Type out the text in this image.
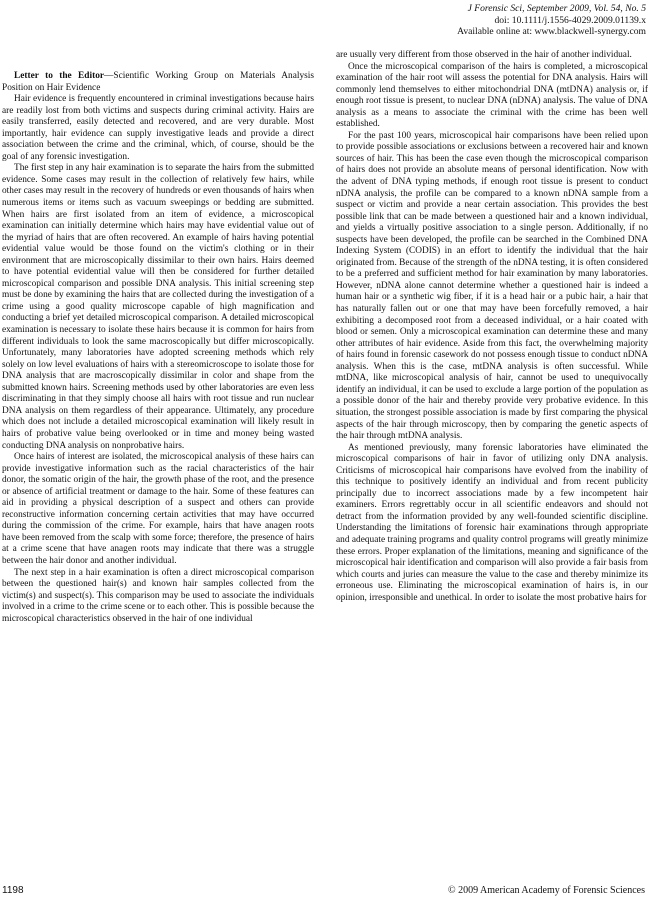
J Forensic Sci, September 2009, Vol. 54, No. 5
doi: 10.1111/j.1556-4029.2009.01139.x
Available online at: www.blackwell-synergy.com

Letter to the Editor—Scientific Working Group on Materials Analysis Position on Hair Evidence

Hair evidence is frequently encountered in criminal investigations because hairs are readily lost from both victims and suspects during criminal activity. Hairs are easily transferred, easily detected and recovered, and are very durable. Most importantly, hair evidence can supply investigative leads and provide a direct association between the crime and the criminal, which, of course, should be the goal of any forensic investigation.

The first step in any hair examination is to separate the hairs from the submitted evidence. Some cases may result in the collection of relatively few hairs, while other cases may result in the recovery of hundreds or even thousands of hairs when numerous items or items such as vacuum sweepings or bedding are submitted. When hairs are first isolated from an item of evidence, a microscopical examination can initially determine which hairs may have evidential value out of the myriad of hairs that are often recovered. An example of hairs having potential evidential value would be those found on the victim's clothing or in their environment that are microscopically dissimilar to their own hairs. Hairs deemed to have potential evidential value will then be considered for further detailed microscopical comparison and possible DNA analysis. This initial screening step must be done by examining the hairs that are collected during the investigation of a crime using a good quality microscope capable of high magnification and conducting a brief yet detailed microscopical comparison. A detailed microscopical examination is necessary to isolate these hairs because it is common for hairs from different individuals to look the same macroscopically but differ microscopically. Unfortunately, many laboratories have adopted screening methods which rely solely on low level evaluations of hairs with a stereomicroscope to isolate those for DNA analysis that are macroscopically dissimilar in color and shape from the submitted known hairs. Screening methods used by other laboratories are even less discriminating in that they simply choose all hairs with root tissue and run nuclear DNA analysis on them regardless of their appearance. Ultimately, any procedure which does not include a detailed microscopical examination will likely result in hairs of probative value being overlooked or in time and money being wasted conducting DNA analysis on nonprobative hairs.

Once hairs of interest are isolated, the microscopical analysis of these hairs can provide investigative information such as the racial characteristics of the hair donor, the somatic origin of the hair, the growth phase of the root, and the presence or absence of artificial treatment or damage to the hair. Some of these features can aid in providing a physical description of a suspect and others can provide reconstructive information concerning certain activities that may have occurred during the commission of the crime. For example, hairs that have anagen roots have been removed from the scalp with some force; therefore, the presence of hairs at a crime scene that have anagen roots may indicate that there was a struggle between the hair donor and another individual.

The next step in a hair examination is often a direct microscopical comparison between the questioned hair(s) and known hair samples collected from the victim(s) and suspect(s). This comparison may be used to associate the individuals involved in a crime to the crime scene or to each other. This is possible because the microscopical characteristics observed in the hair of one individual

are usually very different from those observed in the hair of another individual.

Once the microscopical comparison of the hairs is completed, a microscopical examination of the hair root will assess the potential for DNA analysis. Hairs will commonly lend themselves to either mitochondrial DNA (mtDNA) analysis or, if enough root tissue is present, to nuclear DNA (nDNA) analysis. The value of DNA analysis as a means to associate the criminal with the crime has been well established.

For the past 100 years, microscopical hair comparisons have been relied upon to provide possible associations or exclusions between a recovered hair and known sources of hair. This has been the case even though the microscopical comparison of hairs does not provide an absolute means of personal identification. Now with the advent of DNA typing methods, if enough root tissue is present to conduct nDNA analysis, the profile can be compared to a known nDNA sample from a suspect or victim and provide a near certain association. This provides the best possible link that can be made between a questioned hair and a known individual, and yields a virtually positive association to a single person. Additionally, if no suspects have been developed, the profile can be searched in the Combined DNA Indexing System (CODIS) in an effort to identify the individual that the hair originated from. Because of the strength of the nDNA testing, it is often considered to be a preferred and sufficient method for hair examination by many laboratories. However, nDNA alone cannot determine whether a questioned hair is indeed a human hair or a synthetic wig fiber, if it is a head hair or a pubic hair, a hair that has naturally fallen out or one that may have been forcefully removed, a hair exhibiting a decomposed root from a deceased individual, or a hair coated with blood or semen. Only a microscopical examination can determine these and many other attributes of hair evidence. Aside from this fact, the overwhelming majority of hairs found in forensic casework do not possess enough tissue to conduct nDNA analysis. When this is the case, mtDNA analysis is often successful. While mtDNA, like microscopical analysis of hair, cannot be used to unequivocally identify an individual, it can be used to exclude a large portion of the population as a possible donor of the hair and thereby provide very probative evidence. In this situation, the strongest possible association is made by first comparing the physical aspects of the hair through microscopy, then by comparing the genetic aspects of the hair through mtDNA analysis.

As mentioned previously, many forensic laboratories have eliminated the microscopical comparisons of hair in favor of utilizing only DNA analysis. Criticisms of microscopical hair comparisons have evolved from the inability of this technique to positively identify an individual and from recent publicity principally due to incorrect associations made by a few incompetent hair examiners. Errors regrettably occur in all scientific endeavors and should not detract from the information provided by any well-founded scientific discipline. Understanding the limitations of forensic hair examinations through appropriate and adequate training programs and quality control programs will greatly minimize these errors. Proper explanation of the limitations, meaning and significance of the microscopical hair identification and comparison will also provide a fair basis from which courts and juries can measure the value to the case and thereby minimize its erroneous use. Eliminating the microscopical examination of hairs is, in our opinion, irresponsible and unethical. In order to isolate the most probative hairs for

1198	© 2009 American Academy of Forensic Sciences
